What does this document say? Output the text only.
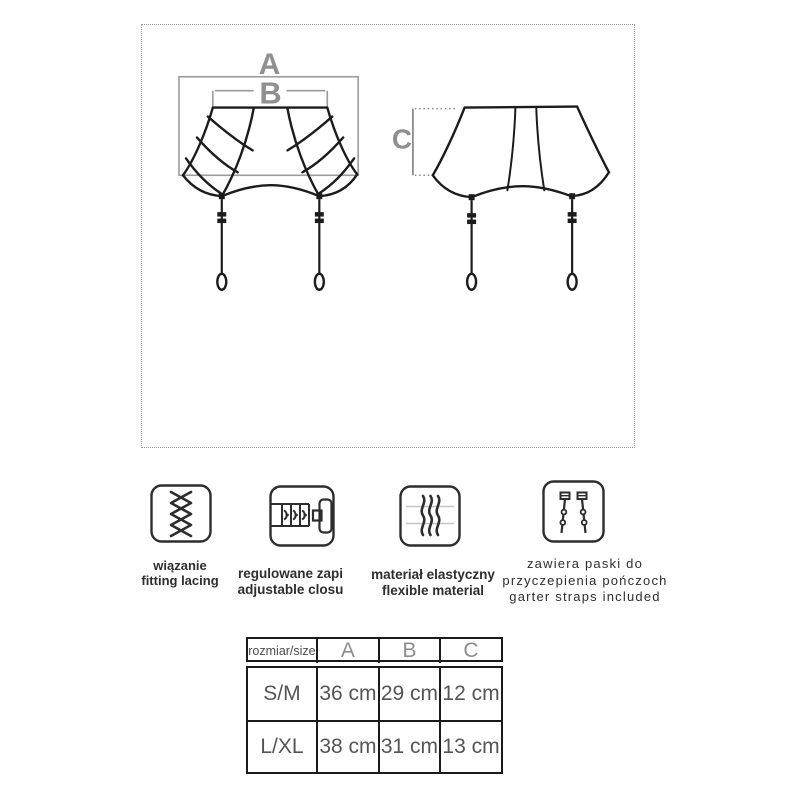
A
B
C
wiązanie
fitting lacing	regulowane zapi
adjustable closu
materiał elastyczny
flexible material
zawiera paski do
przyczepienia pończoch
garter straps included
rozmiar/size	A	B	C
S/M 36 cm 29 cm 12 cm
L/XL 38 cm 31 cm 13 cm
